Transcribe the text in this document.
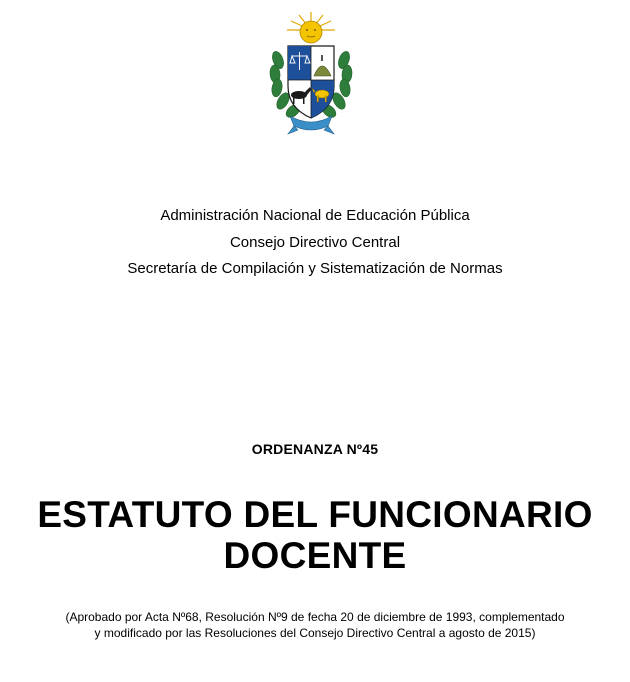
Administración Nacional de Educación Pública
Consejo Directivo Central
Secretaría de Compilación y Sistematización de Normas
ORDENANZA Nº45
ESTATUTO DEL FUNCIONARIO
DOCENTE
(Aprobado por Acta Nº68, Resolución Nº9 de fecha 20 de diciembre de 1993, complementado
y modificado por las Resoluciones del Consejo Directivo Central a agosto de 2015)
